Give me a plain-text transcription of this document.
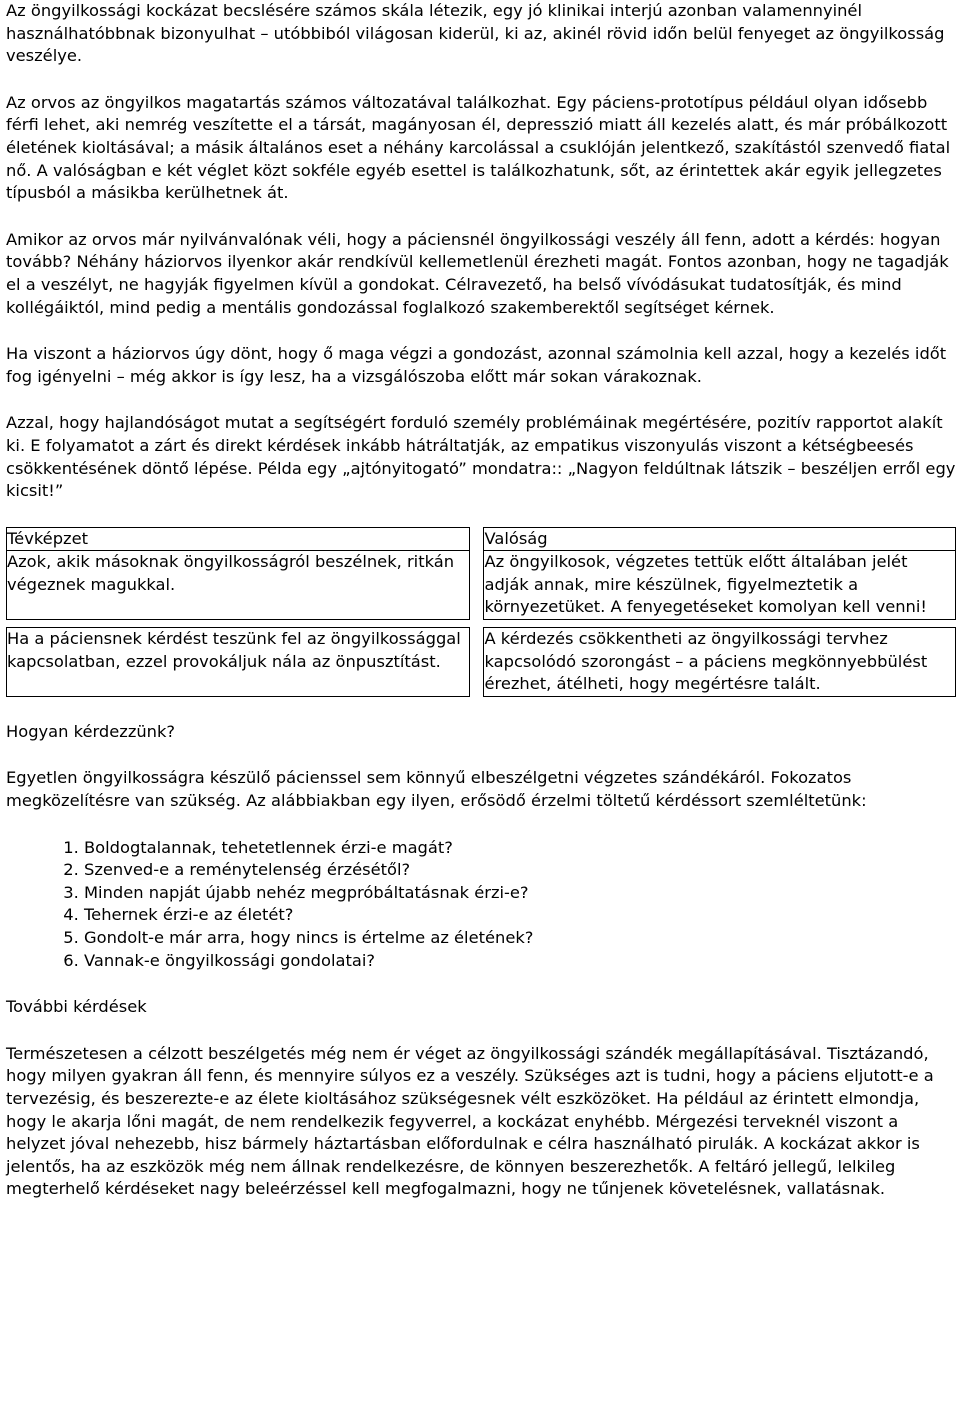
Az öngyilkossági kockázat becslésére számos skála létezik, egy jó klinikai interjú azonban valamennyinél használhatóbbnak bizonyulhat – utóbbiból világosan kiderül, ki az, akinél rövid időn belül fenyeget az öngyilkosság veszélye.

Az orvos az öngyilkos magatartás számos változatával találkozhat. Egy páciens-prototípus például olyan idősebb férfi lehet, aki nemrég veszítette el a társát, magányosan él, depresszió miatt áll kezelés alatt, és már próbálkozott életének kioltásával; a másik általános eset a néhány karcolással a csuklóján jelentkező, szakítástól szenvedő fiatal nő. A valóságban e két véglet közt sokféle egyéb esettel is találkozhatunk, sőt, az érintettek akár egyik jellegzetes típusból a másikba kerülhetnek át.

Amikor az orvos már nyilvánvalónak véli, hogy a páciensnél öngyilkossági veszély áll fenn, adott a kérdés: hogyan tovább? Néhány háziorvos ilyenkor akár rendkívül kellemetlenül érezheti magát. Fontos azonban, hogy ne tagadják el a veszélyt, ne hagyják figyelmen kívül a gondokat. Célravezető, ha belső vívódásukat tudatosítják, és mind kollégáiktól, mind pedig a mentális gondozással foglalkozó szakemberektől segítséget kérnek.

Ha viszont a háziorvos úgy dönt, hogy ő maga végzi a gondozást, azonnal számolnia kell azzal, hogy a kezelés időt fog igényelni – még akkor is így lesz, ha a vizsgálószoba előtt már sokan várakoznak.

Azzal, hogy hajlandóságot mutat a segítségért forduló személy problémáinak megértésére, pozitív rapportot alakít ki. E folyamatot a zárt és direkt kérdések inkább hátráltatják, az empatikus viszonyulás viszont a kétségbeesés csökkentésének döntő lépése. Példa egy „ajtónyitogató” mondatra:: „Nagyon feldúltnak látszik – beszéljen erről egy kicsit!”

Tévképzet		Valóság
Azok, akik másoknak öngyilkosságról beszélnek, ritkán végeznek magukkal.		Az öngyilkosok, végzetes tettük előtt általában jelét adják annak, mire készülnek, figyelmeztetik a környezetüket. A fenyegetéseket komolyan kell venni!

Ha a páciensnek kérdést teszünk fel az öngyilkossággal kapcsolatban, ezzel provokáljuk nála az önpusztítást.		A kérdezés csökkentheti az öngyilkossági tervhez kapcsolódó szorongást – a páciens megkönnyebbülést érezhet, átélheti, hogy megértésre talált.

Hogyan kérdezzünk?

Egyetlen öngyilkosságra készülő pácienssel sem könnyű elbeszélgetni végzetes szándékáról. Fokozatos megközelítésre van szükség. Az alábbiakban egy ilyen, erősödő érzelmi töltetű kérdéssort szemléltetünk:

1. Boldogtalannak, tehetetlennek érzi-e magát?
2. Szenved-e a reménytelenség érzésétől?
3. Minden napját újabb nehéz megpróbáltatásnak érzi-e?
4. Tehernek érzi-e az életét?
5. Gondolt-e már arra, hogy nincs is értelme az életének?
6. Vannak-e öngyilkossági gondolatai?

További kérdések

Természetesen a célzott beszélgetés még nem ér véget az öngyilkossági szándék megállapításával. Tisztázandó, hogy milyen gyakran áll fenn, és mennyire súlyos ez a veszély. Szükséges azt is tudni, hogy a páciens eljutott-e a tervezésig, és beszerezte-e az élete kioltásához szükségesnek vélt eszközöket. Ha például az érintett elmondja, hogy le akarja lőni magát, de nem rendelkezik fegyverrel, a kockázat enyhébb. Mérgezési terveknél viszont a helyzet jóval nehezebb, hisz bármely háztartásban előfordulnak e célra használható pirulák. A kockázat akkor is jelentős, ha az eszközök még nem állnak rendelkezésre, de könnyen beszerezhetők. A feltáró jellegű, lelkileg megterhelő kérdéseket nagy beleérzéssel kell megfogalmazni, hogy ne tűnjenek követelésnek, vallatásnak.
